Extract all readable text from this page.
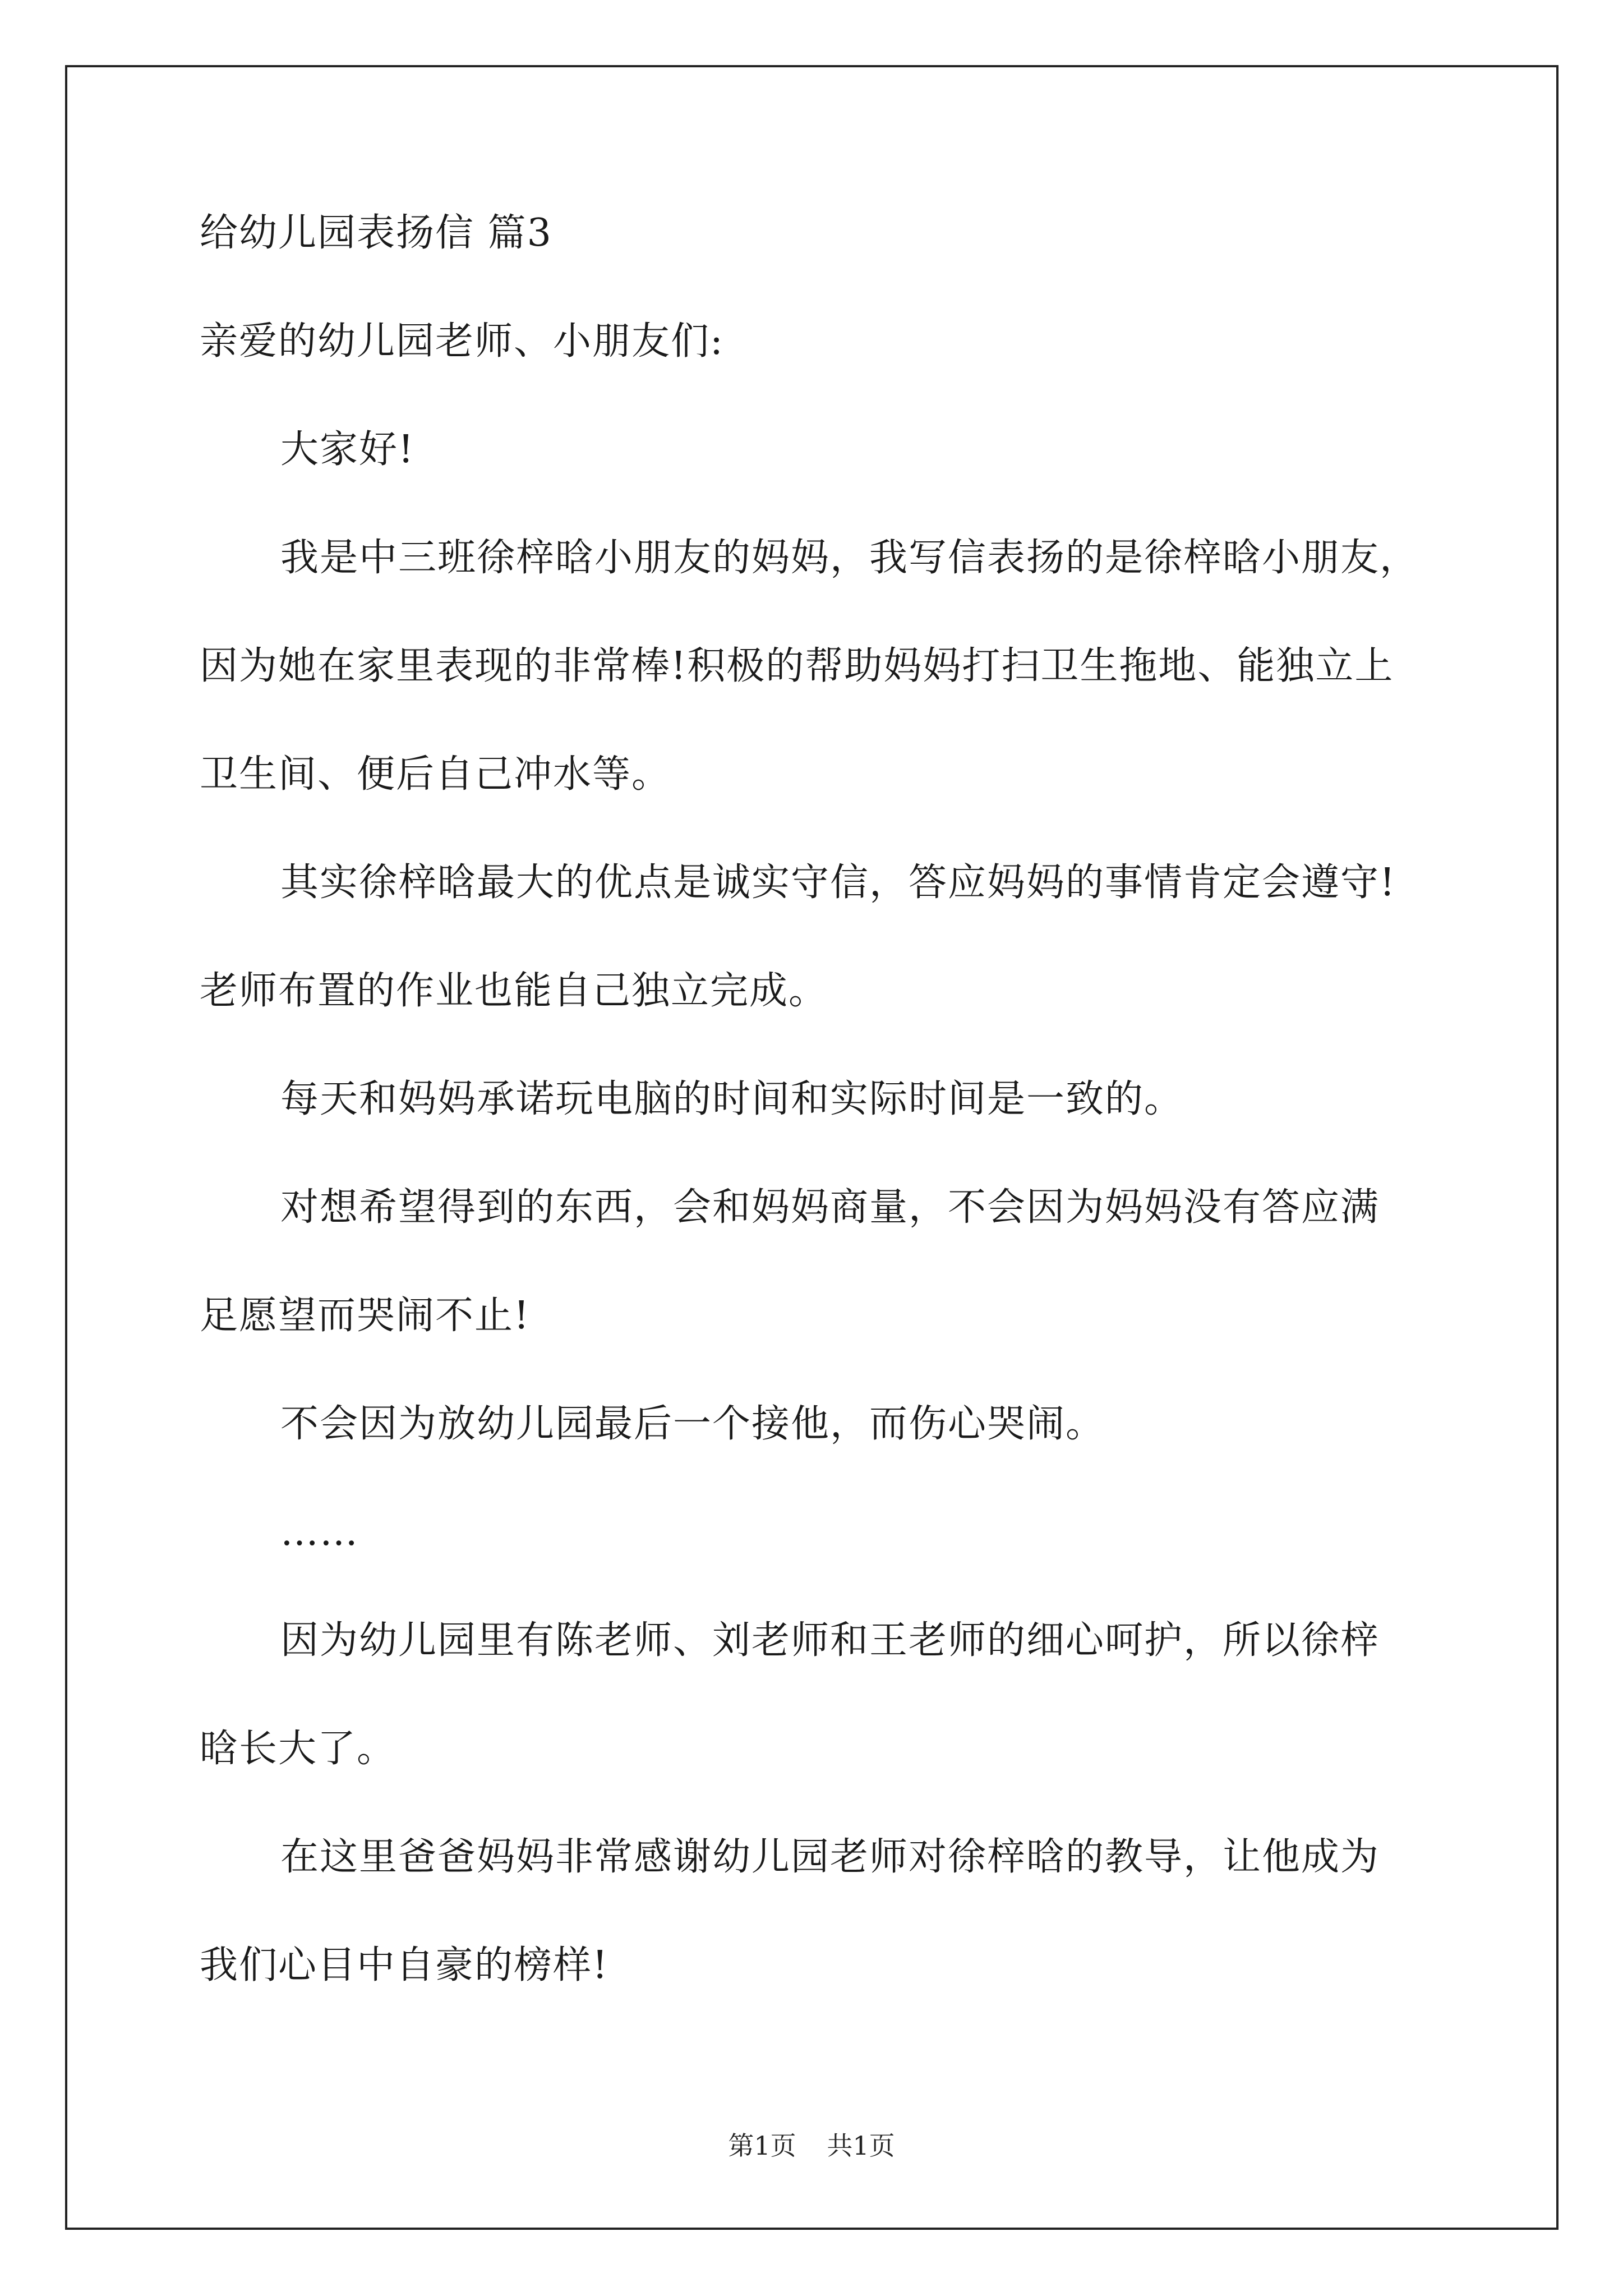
给幼儿园表扬信 篇3
亲爱的幼儿园老师、小朋友们:
大家好!
我是中三班徐梓晗小朋友的妈妈，我写信表扬的是徐梓晗小朋友，
因为她在家里表现的非常棒!积极的帮助妈妈打扫卫生拖地、能独立上
卫生间、便后自己冲水等。
其实徐梓晗最大的优点是诚实守信，答应妈妈的事情肯定会遵守!
老师布置的作业也能自己独立完成。
每天和妈妈承诺玩电脑的时间和实际时间是一致的。
对想希望得到的东西，会和妈妈商量，不会因为妈妈没有答应满
足愿望而哭闹不止!
不会因为放幼儿园最后一个接他，而伤心哭闹。
……
因为幼儿园里有陈老师、刘老师和王老师的细心呵护，所以徐梓
晗长大了。
在这里爸爸妈妈非常感谢幼儿园老师对徐梓晗的教导，让他成为
我们心目中自豪的榜样!
第1页 共1页
